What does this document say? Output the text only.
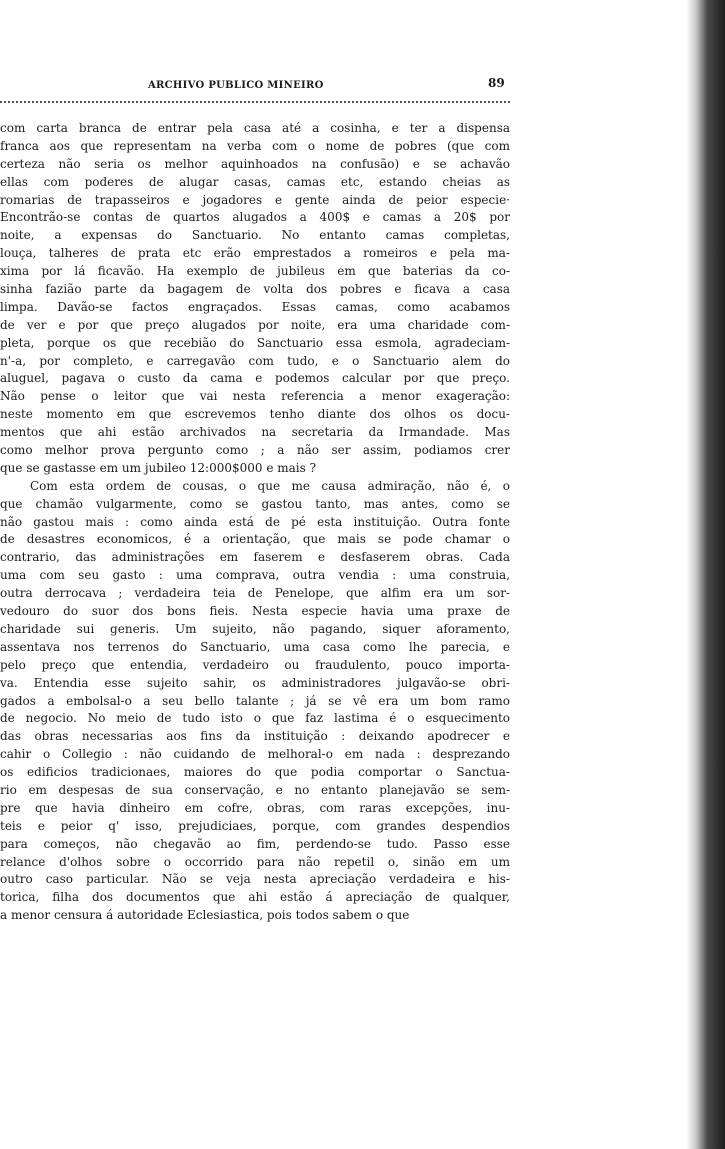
ARCHIVO PUBLICO MINEIRO	89
com carta branca de entrar pela casa até a cosinha, e ter a dispensa
franca aos que representam na verba com o nome de pobres (que com
certeza não seria os melhor aquinhoados na confusão) e se achavão
ellas com poderes de alugar casas, camas etc, estando cheias as
romarias de trapasseiros e jogadores e gente ainda de peior especie·
Encontrão-se contas de quartos alugados a 400$ e camas a 20$ por
noite, a expensas do Sanctuario. No entanto camas completas,
louça, talheres de prata etc erão emprestados a romeiros e pela ma-
xima por lá ficavão. Ha exemplo de jubileus em que baterias da co-
sinha fazião parte da bagagem de volta dos pobres e ficava a casa
limpa. Davão-se factos engraçados. Essas camas, como acabamos
de ver e por que preço alugados por noite, era uma charidade com-
pleta, porque os que recebião do Sanctuario essa esmola, agradeciam-
n'-a, por completo, e carregavão com tudo, e o Sanctuario alem do
aluguel, pagava o custo da cama e podemos calcular por que preço.
Não pense o leitor que vai nesta referencia a menor exageração:
neste momento em que escrevemos tenho diante dos olhos os docu-
mentos que ahi estão archivados na secretaria da Irmandade. Mas
como melhor prova pergunto como ; a não ser assim, podiamos crer
que se gastasse em um jubileo 12:000$000 e mais ?
Com esta ordem de cousas, o que me causa admiração, não é, o
que chamão vulgarmente, como se gastou tanto, mas antes, como se
não gastou mais : como ainda está de pé esta instituição. Outra fonte
de desastres economicos, é a orientação, que mais se pode chamar o
contrario, das administrações em faserem e desfaserem obras. Cada
uma com seu gasto : uma comprava, outra vendia : uma construia,
outra derrocava ; verdadeira teia de Penelope, que alfim era um sor-
vedouro do suor dos bons fieis. Nesta especie havia uma praxe de
charidade sui generis. Um sujeito, não pagando, siquer aforamento,
assentava nos terrenos do Sanctuario, uma casa como lhe parecia, e
pelo preço que entendia, verdadeiro ou fraudulento, pouco importa-
va. Entendia esse sujeito sahir, os administradores julgavão-se obri-
gados a embolsal-o a seu bello talante ; já se vê era um bom ramo
de negocio. No meio de tudo isto o que faz lastima é o esquecimento
das obras necessarias aos fins da instituição : deixando apodrecer e
cahir o Collegio : não cuidando de melhoral-o em nada : desprezando
os edificios tradicionaes, maiores do que podia comportar o Sanctua-
rio em despesas de sua conservação, e no entanto planejavão se sem-
pre que havia dinheiro em cofre, obras, com raras excepções, inu-
teis e peior q' isso, prejudiciaes, porque, com grandes despendios
para começos, não chegavão ao fim, perdendo-se tudo. Passo esse
relance d'olhos sobre o occorrido para não repetil o, sinão em um
outro caso particular. Não se veja nesta apreciação verdadeira e his-
torica, filha dos documentos que ahi estão á apreciação de qualquer,
a menor censura á autoridade Eclesiastica, pois todos sabem o que
